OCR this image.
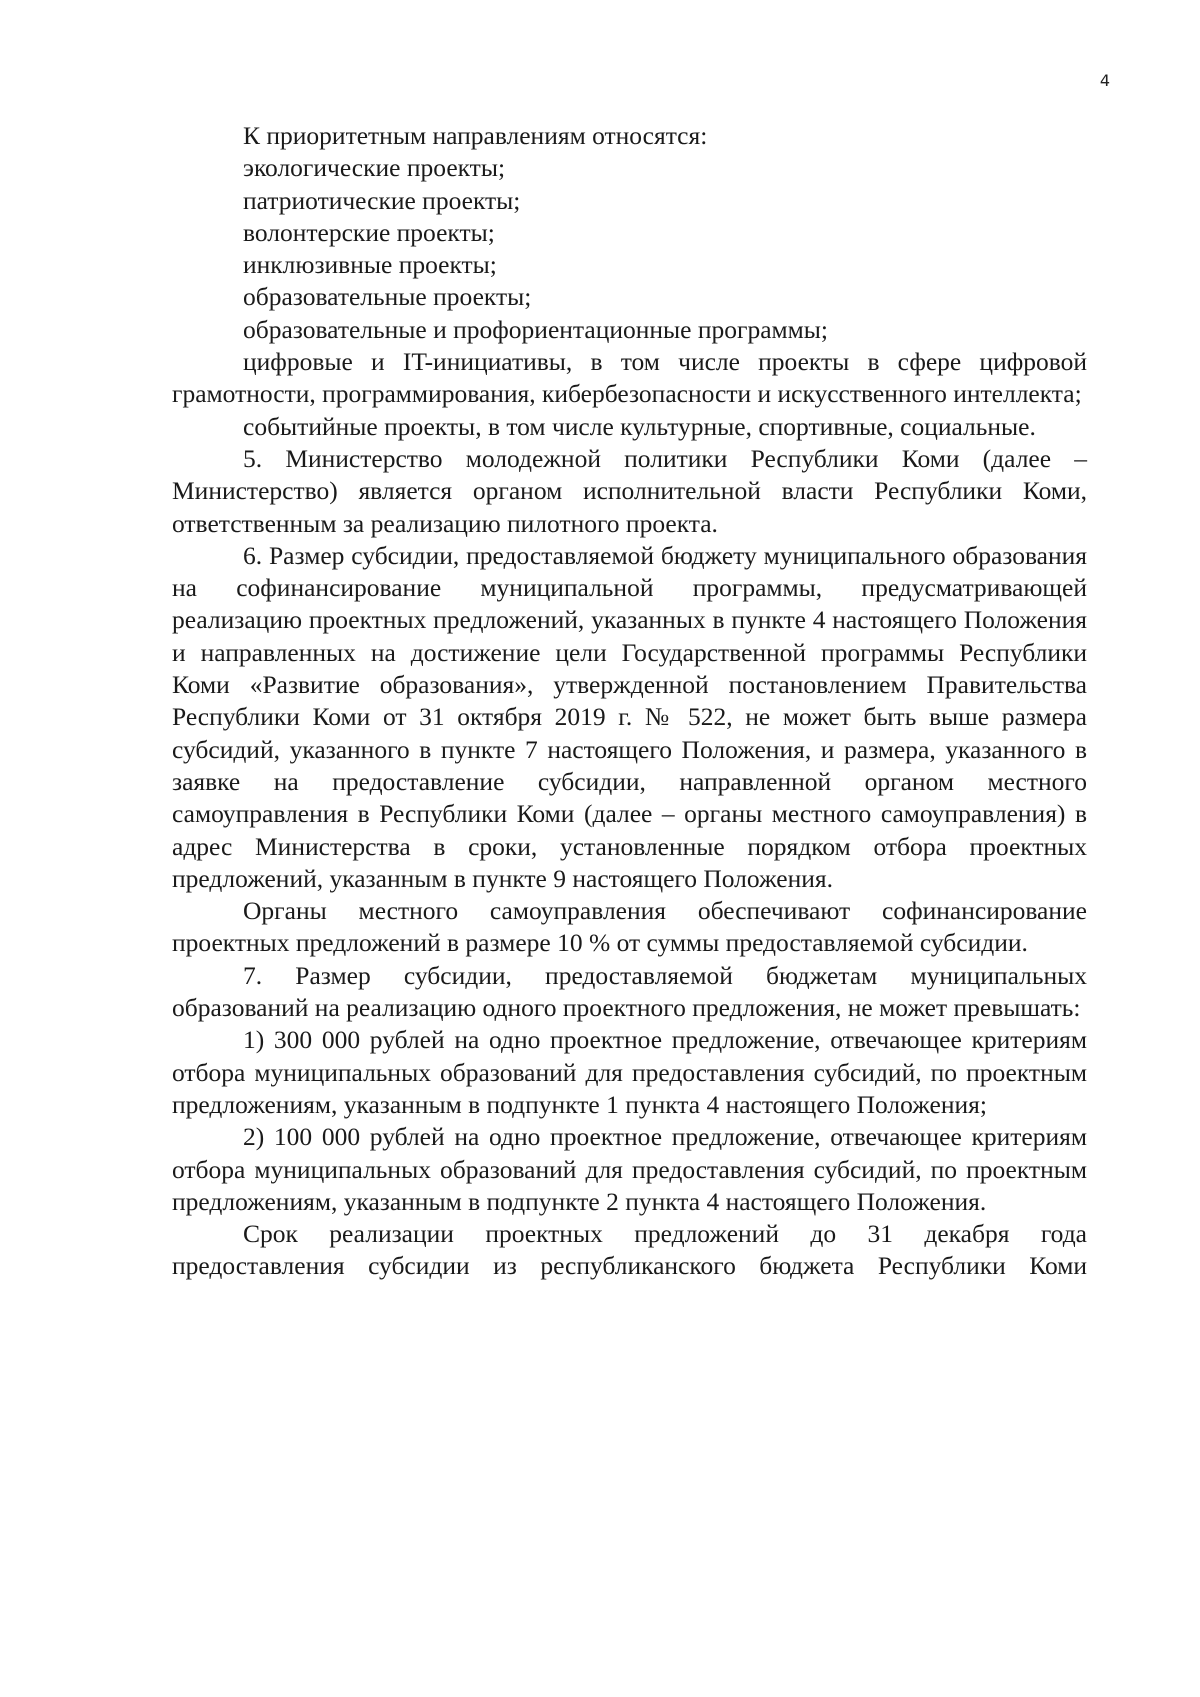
4

К приоритетным направлениям относятся:

экологические проекты;

патриотические проекты;

волонтерские проекты;

инклюзивные проекты;

образовательные проекты;

образовательные и профориентационные программы;

цифровые и IT-инициативы, в том числе проекты в сфере цифровой грамотности, программирования, кибербезопасности и искусственного интеллекта;

событийные проекты, в том числе культурные, спортивные, социальные.

5. Министерство молодежной политики Республики Коми (далее – Министерство) является органом исполнительной власти Республики Коми, ответственным за реализацию пилотного проекта.

6. Размер субсидии, предоставляемой бюджету муниципального образования на софинансирование муниципальной программы, предусматривающей реализацию проектных предложений, указанных в пункте 4 настоящего Положения и направленных на достижение цели Государственной программы Республики Коми «Развитие образования», утвержденной постановлением Правительства Республики Коми от 31 октября 2019 г. № 522, не может быть выше размера субсидий, указанного в пункте 7 настоящего Положения, и размера, указанного в заявке на предоставление субсидии, направленной органом местного самоуправления в Республики Коми (далее – органы местного самоуправления) в адрес Министерства в сроки, установленные порядком отбора проектных предложений, указанным в пункте 9 настоящего Положения.

Органы местного самоуправления обеспечивают софинансирование проектных предложений в размере 10 % от суммы предоставляемой субсидии.

7. Размер субсидии, предоставляемой бюджетам муниципальных образований на реализацию одного проектного предложения, не может превышать:

1) 300 000 рублей на одно проектное предложение, отвечающее критериям отбора муниципальных образований для предоставления субсидий, по проектным предложениям, указанным в подпункте 1 пункта 4 настоящего Положения;

2) 100 000 рублей на одно проектное предложение, отвечающее критериям отбора муниципальных образований для предоставления субсидий, по проектным предложениям, указанным в подпункте 2 пункта 4 настоящего Положения.

Срок реализации проектных предложений до 31 декабря года предоставления субсидии из республиканского бюджета Республики Коми
